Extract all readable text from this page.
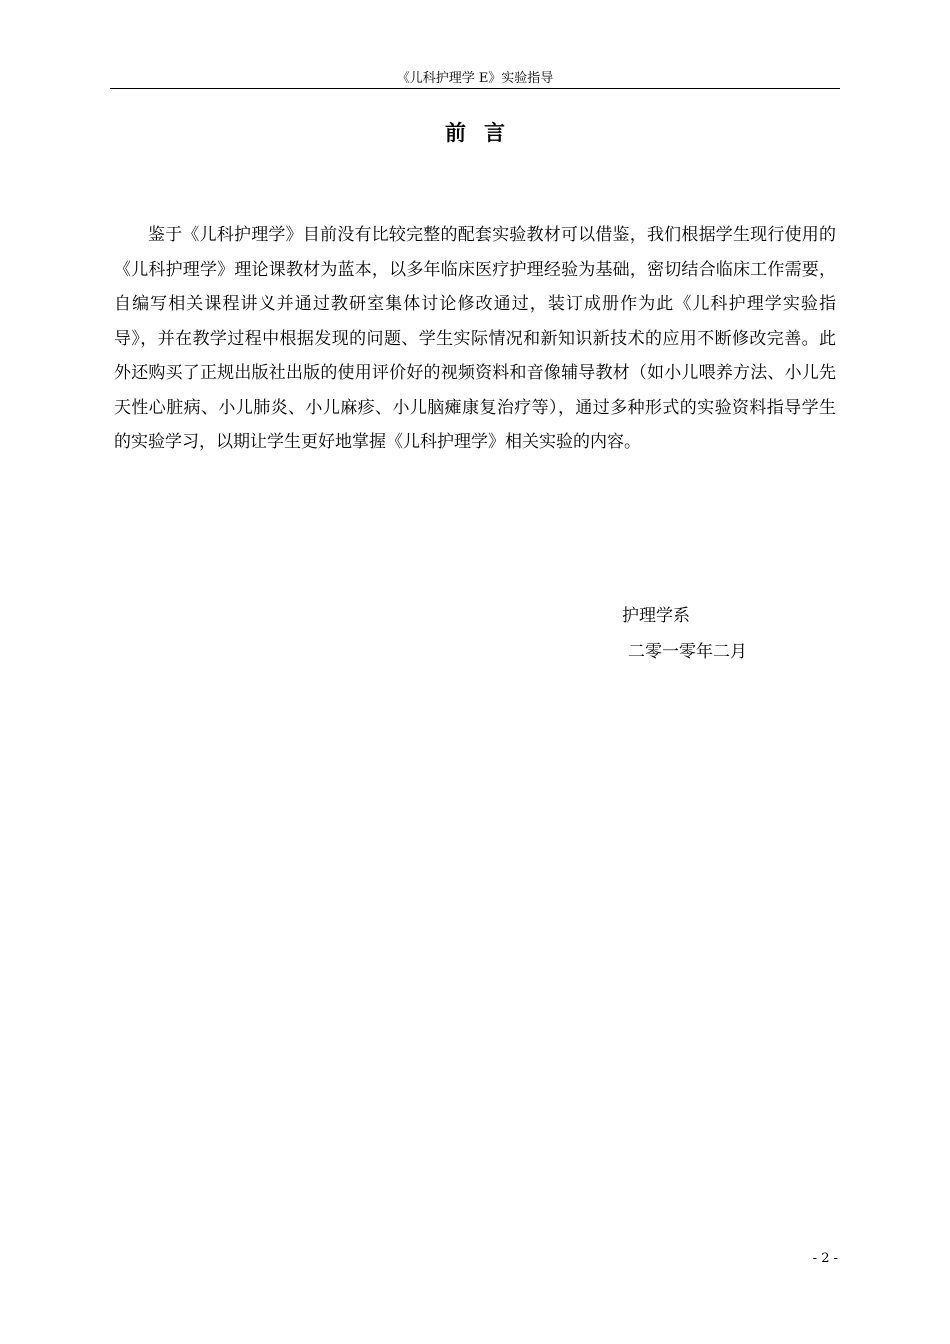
《儿科护理学 E》实验指导
前言

鉴于《儿科护理学》目前没有比较完整的配套实验教材可以借鉴，我们根据学生现行使用的《儿科护理学》理论课教材为蓝本，以多年临床医疗护理经验为基础，密切结合临床工作需要，自编写相关课程讲义并通过教研室集体讨论修改通过，装订成册作为此《儿科护理学实验指导》，并在教学过程中根据发现的问题、学生实际情况和新知识新技术的应用不断修改完善。此外还购买了正规出版社出版的使用评价好的视频资料和音像辅导教材（如小儿喂养方法、小儿先天性心脏病、小儿肺炎、小儿麻疹、小儿脑瘫康复治疗等），通过多种形式的实验资料指导学生的实验学习，以期让学生更好地掌握《儿科护理学》相关实验的内容。

护理学系
二零一零年二月
- 2 -
